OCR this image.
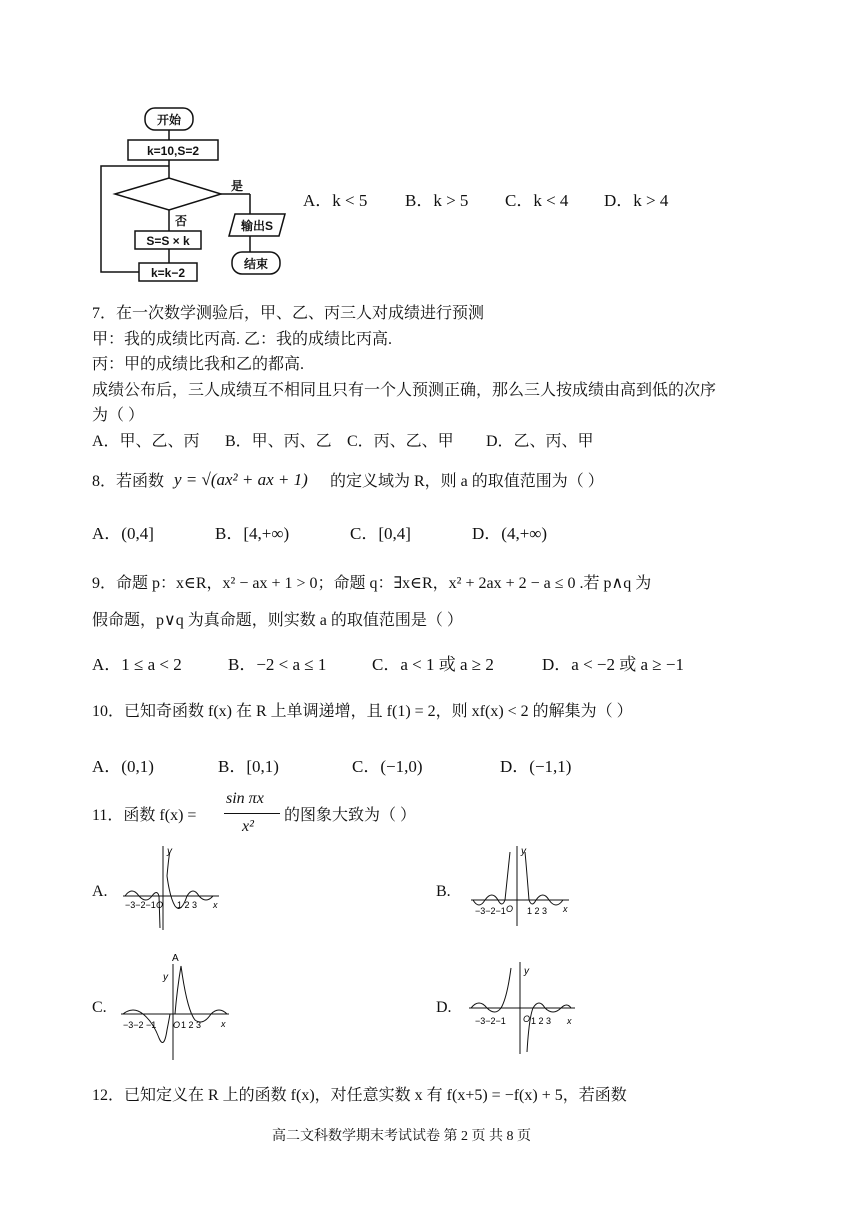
开始
k=10,S=2
是
否	输出S
S=S × k
k=k−2
结束
A．k < 5 B．k > 5 C．k < 4 D．k > 4
7．在一次数学测验后，甲、乙、丙三人对成绩进行预测
甲：我的成绩比丙高. 乙：我的成绩比丙高.
丙：甲的成绩比我和乙的都高.
成绩公布后，三人成绩互不相同且只有一个人预测正确，那么三人按成绩由高到低的次序
为（ ）
A．甲、乙、丙 B．甲、丙、乙 C．丙、乙、甲 D．乙、丙、甲
8．若函数 y = √(ax² + ax + 1) 的定义域为 R，则 a 的取值范围为（ ）
A．(0,4]	B．[4,+∞)	C．[0,4]	D．(4,+∞)
9．命题 p：x∈R，x² − ax + 1 > 0；命题 q：∃x∈R，x² + 2ax + 2 − a ≤ 0 .若 p∧q 为
假命题，p∨q 为真命题，则实数 a 的取值范围是（ ）
A．1 ≤ a < 2	B．−2 < a ≤ 1	C．a < 1 或 a ≥ 2	D．a < −2 或 a ≥ −1
10．已知奇函数 f(x) 在 R 上单调递增，且 f(1) = 2，则 xf(x) < 2 的解集为（ ）
A．(0,1)	B．[0,1)	C．(−1,0)	D．(−1,1)
11．函数 f(x) =
sin πx
x²
的图象大致为（ ）
A.	B.
C.	D.
y
x
−3−2−1 O 1 2 3
y
x
−3−2−1 O 1 2 3
A
y
x
−3−2 −1 O 1 2 3
y
x
−3−2−1 O 1 2 3
12．已知定义在 R 上的函数 f(x)，对任意实数 x 有 f(x+5) = −f(x) + 5，若函数
高二文科数学期末考试试卷 第 2 页 共 8 页
